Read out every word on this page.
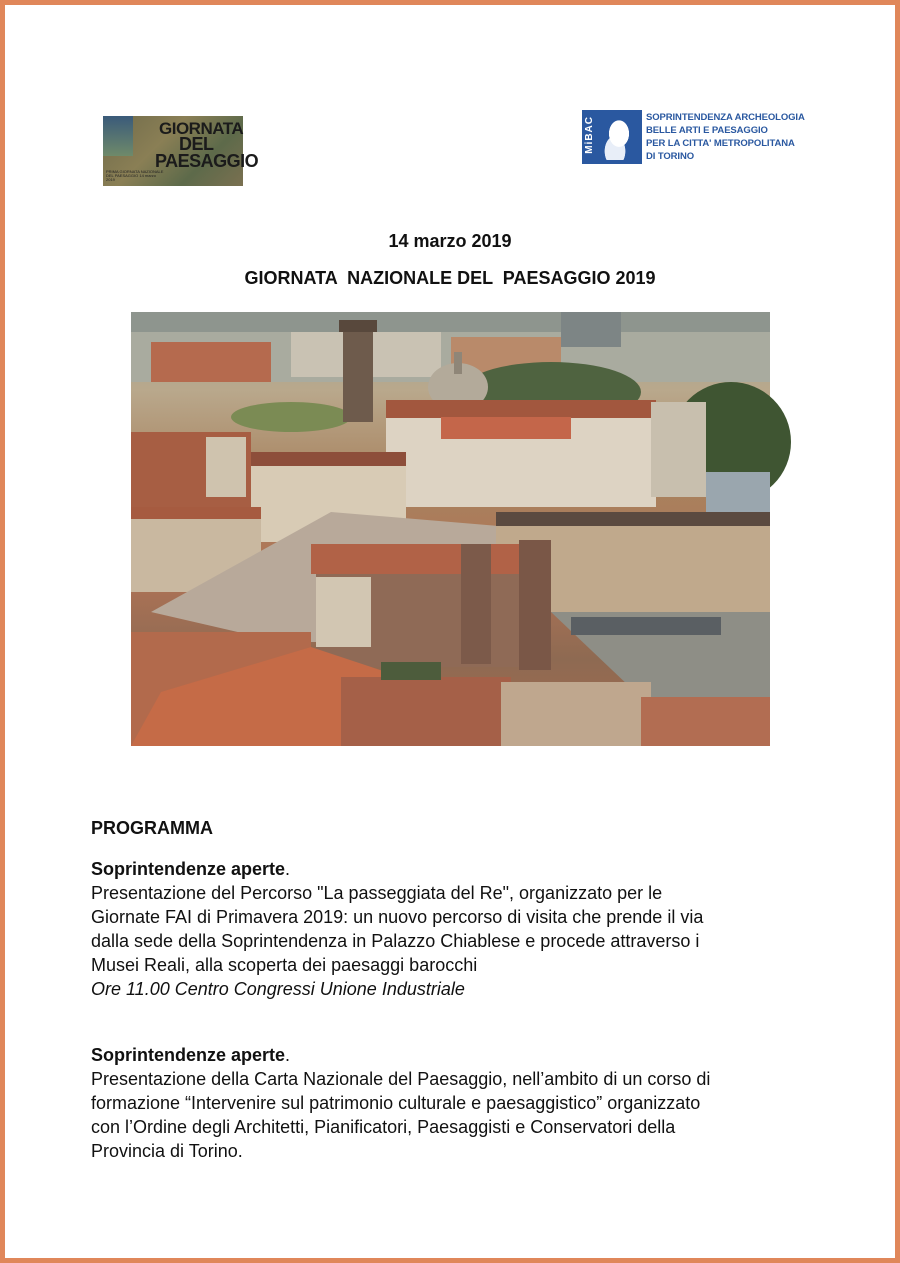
GIORNATA
DEL
PAESAGGIO
PRIMA GIORNATA NAZIONALE DEL PAESAGGIO 14 marzo 2019
MiBAC	SOPRINTENDENZA ARCHEOLOGIA
BELLE ARTI E PAESAGGIO
PER LA CITTA' METROPOLITANA
DI TORINO
14 marzo 2019
GIORNATA  NAZIONALE DEL  PAESAGGIO 2019
PROGRAMMA
Soprintendenze aperte.
Presentazione del Percorso "La passeggiata del Re", organizzato per le
Giornate FAI di Primavera 2019: un nuovo percorso di visita che prende il via
dalla sede della Soprintendenza in Palazzo Chiablese e procede attraverso i
Musei Reali, alla scoperta dei paesaggi barocchi
Ore 11.00 Centro Congressi Unione Industriale
Soprintendenze aperte.
Presentazione della Carta Nazionale del Paesaggio, nell’ambito di un corso di
formazione “Intervenire sul patrimonio culturale e paesaggistico” organizzato
con l’Ordine degli Architetti, Pianificatori, Paesaggisti e Conservatori della
Provincia di Torino.
